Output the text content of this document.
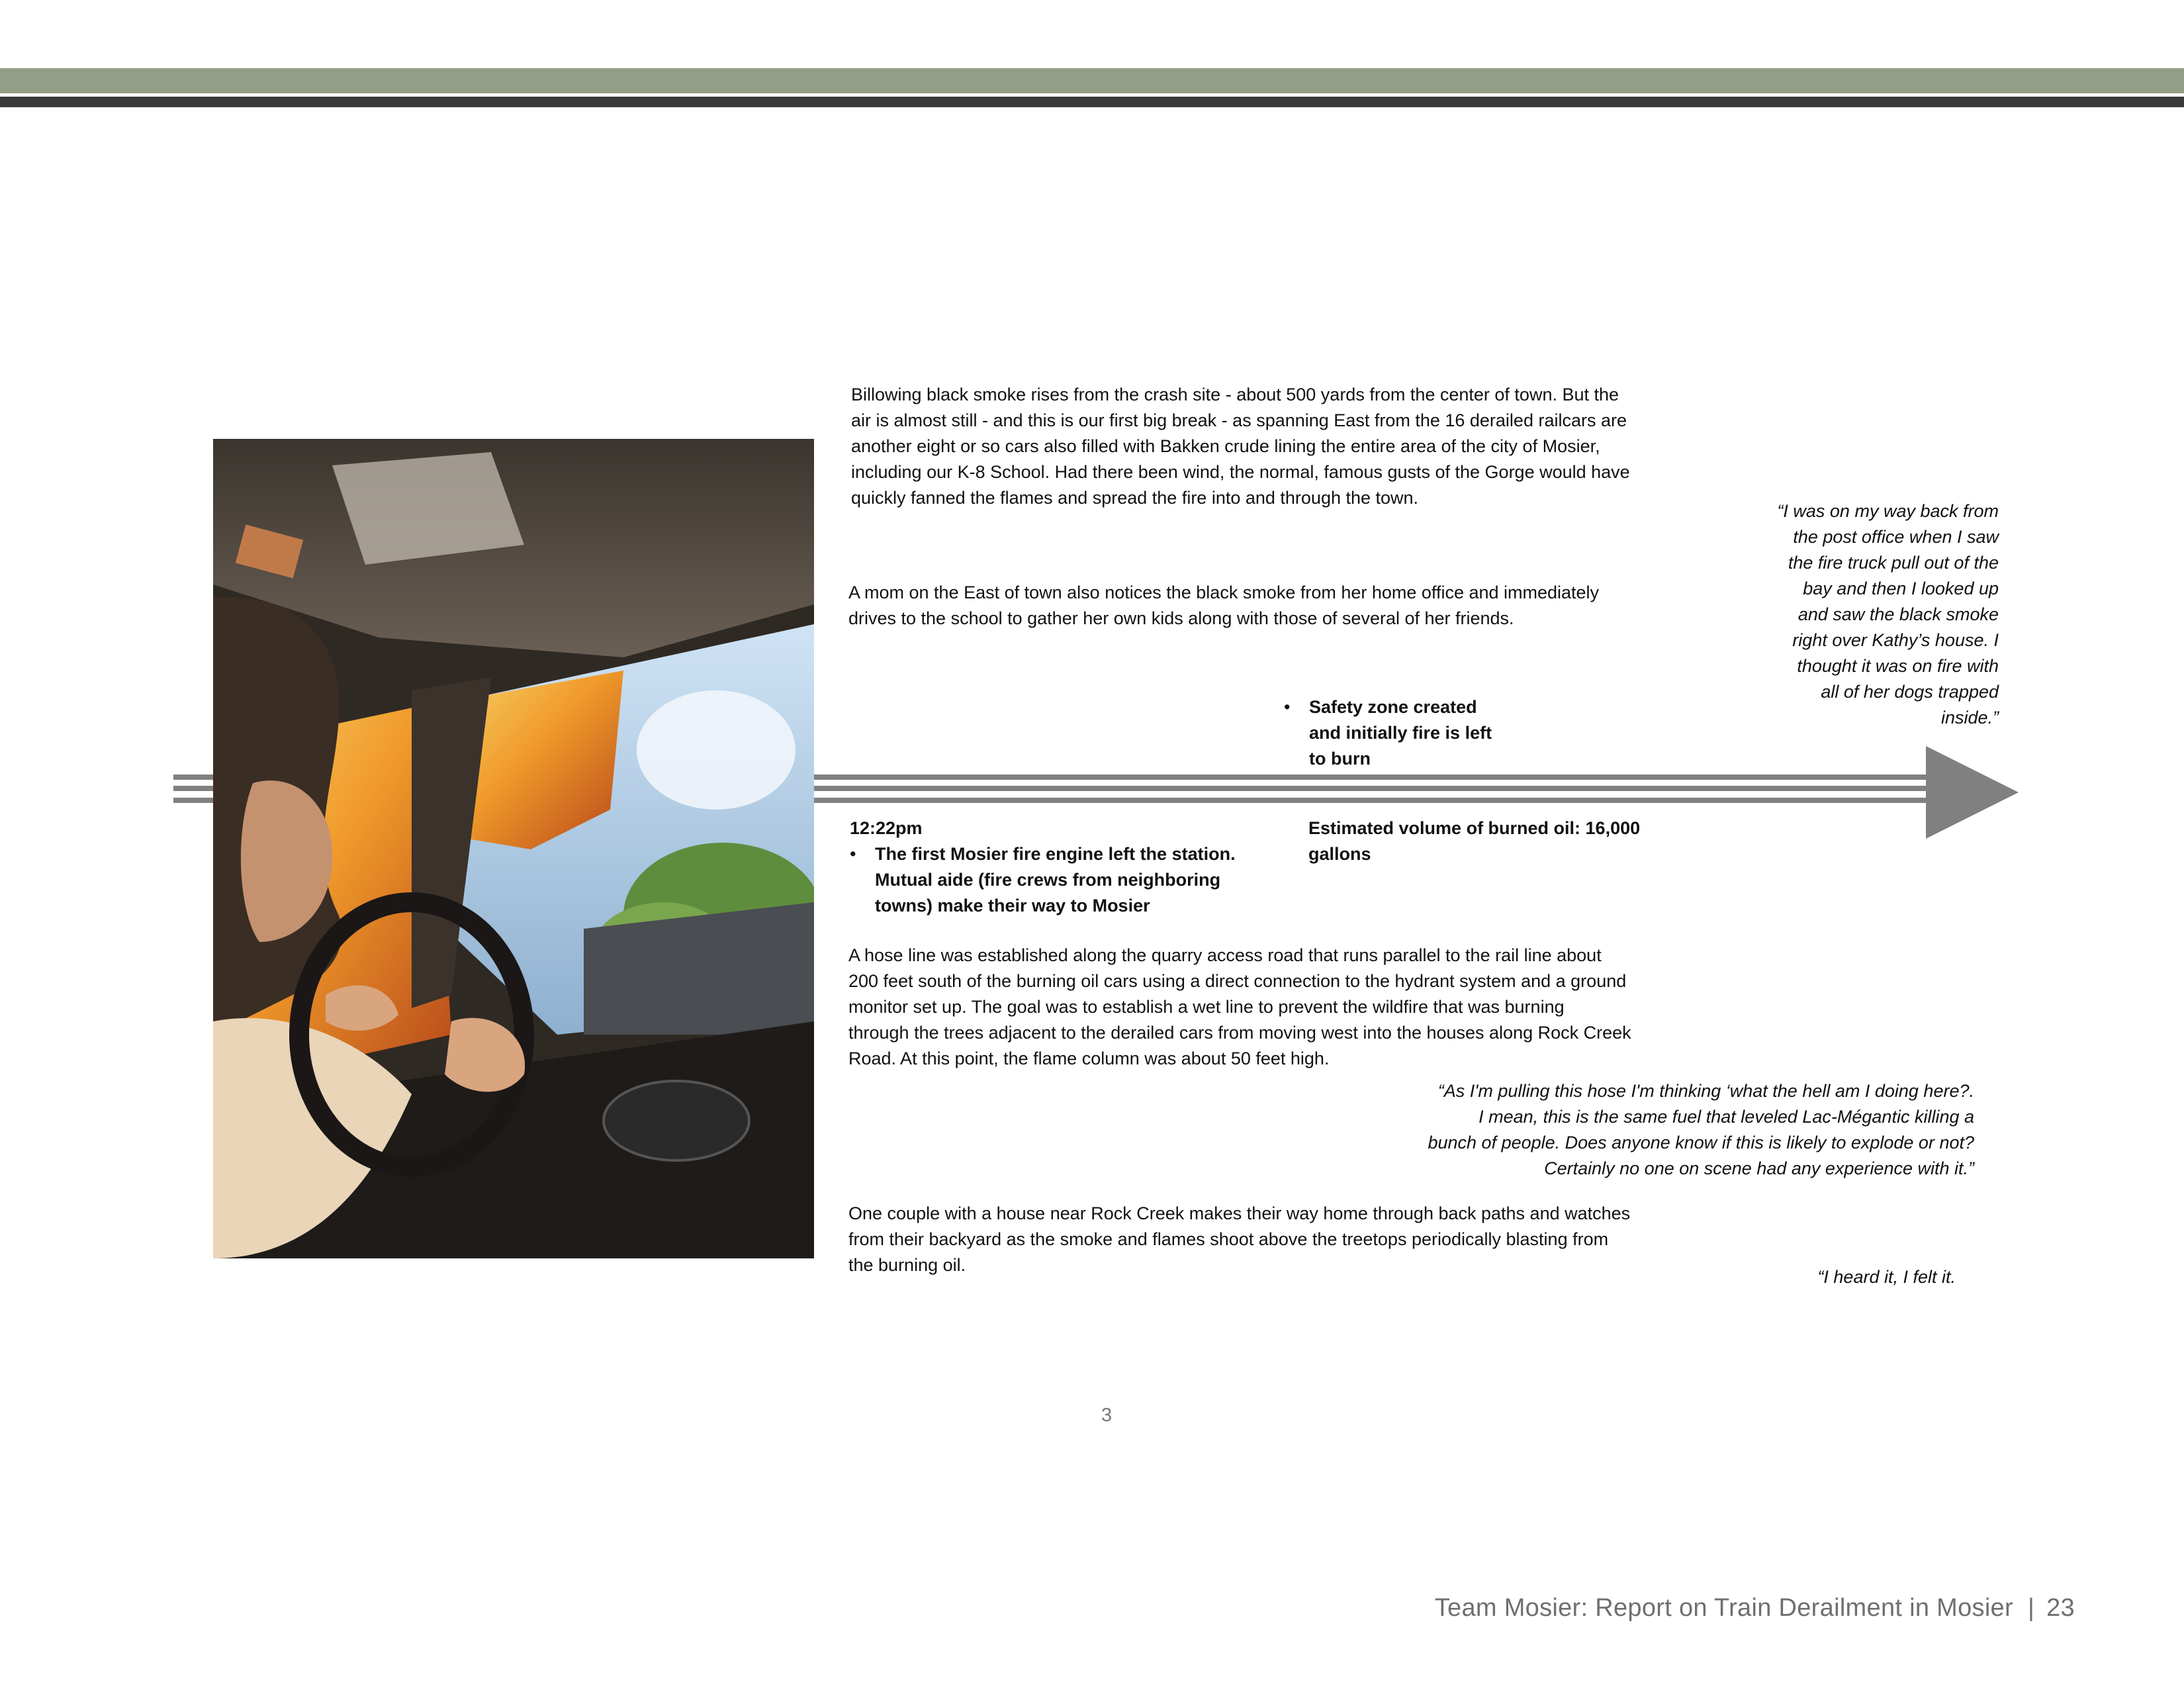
Billowing black smoke rises from the crash site - about 500 yards from the center of town. But the
air is almost still - and this is our first big break - as spanning East from the 16 derailed railcars are
another eight or so cars also filled with Bakken crude lining the entire area of the city of Mosier,
including our K-8 School. Had there been wind, the normal, famous gusts of the Gorge would have
quickly fanned the flames and spread the fire into and through the town.
A mom on the East of town also notices the black smoke from her home office and immediately
drives to the school to gather her own kids along with those of several of her friends.
“I was on my way back from
the post office when I saw
the fire truck pull out of the
bay and then I looked up
and saw the black smoke
right over Kathy’s house. I
thought it was on fire with
all of her dogs trapped
inside.”
• Safety zone created
and initially fire is left
to burn
12:22pm
• The first Mosier fire engine left the station.
Mutual aide (fire crews from neighboring
towns) make their way to Mosier
Estimated volume of burned oil: 16,000
gallons
A hose line was established along the quarry access road that runs parallel to the rail line about
200 feet south of the burning oil cars using a direct connection to the hydrant system and a ground
monitor set up. The goal was to establish a wet line to prevent the wildfire that was burning
through the trees adjacent to the derailed cars from moving west into the houses along Rock Creek
Road. At this point, the flame column was about 50 feet high.
“As I'm pulling this hose I'm thinking ‘what the hell am I doing here?.
I mean, this is the same fuel that leveled Lac-Mégantic killing a
bunch of people. Does anyone know if this is likely to explode or not?
Certainly no one on scene had any experience with it.”
One couple with a house near Rock Creek makes their way home through back paths and watches
from their backyard as the smoke and flames shoot above the treetops periodically blasting from
the burning oil.
“I heard it, I felt it.
3
Team Mosier: Report on Train Derailment in Mosier | 23
